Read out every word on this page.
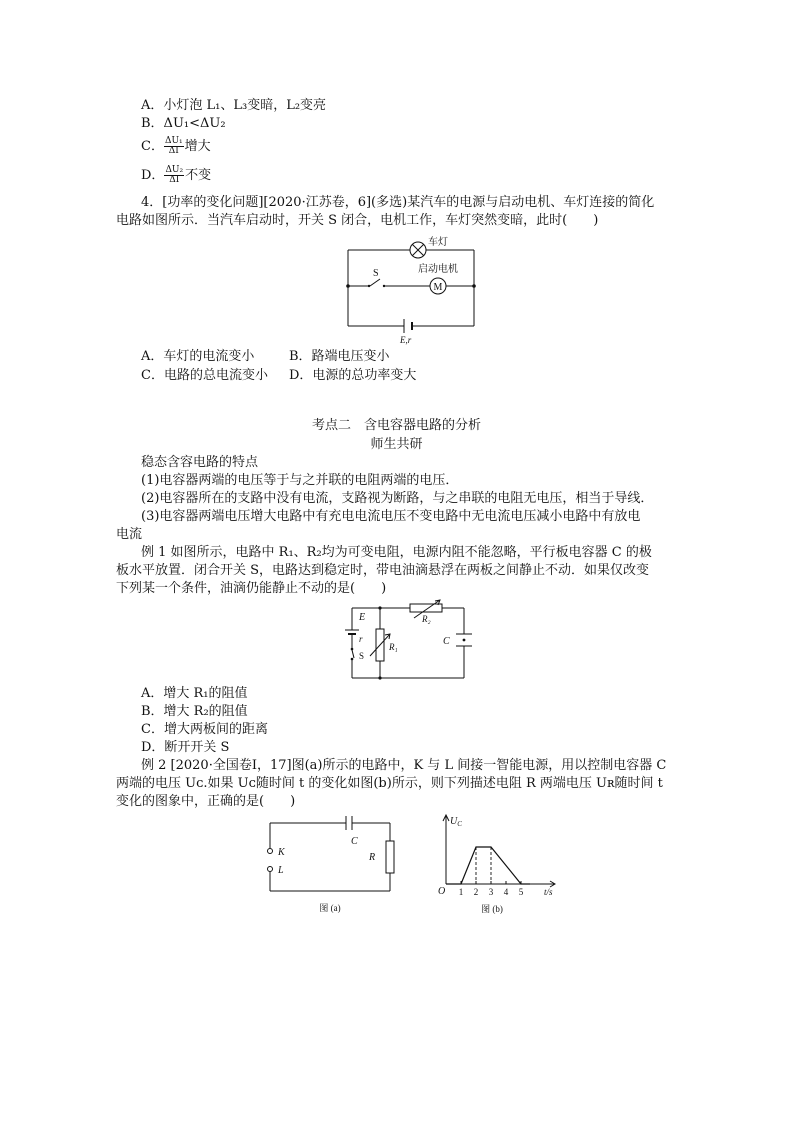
A．小灯泡 L₁、L₃变暗，L₂变亮
B．ΔU₁<ΔU₂
C． $\frac{\text{ΔU₁}}{\Delta I}$ 增大
D． $\frac{\text{ΔU₂}}{\Delta I}$ 不变
4．[功率的变化问题][2020·江苏卷，6](多选)某汽车的电源与启动电机、车灯连接的简化
电路如图所示．当汽车启动时，开关 S 闭合，电机工作，车灯突然变暗，此时(　　)
车灯
启动电机
M
S
E,r
A．车灯的电流变小	B．路端电压变小
C．电路的总电流变小 D．电源的总功率变大
考点二　含电容器电路的分析
师生共研
稳态含容电路的特点
(1)电容器两端的电压等于与之并联的电阻两端的电压．
(2)电容器所在的支路中没有电流，支路视为断路，与之串联的电阻无电压，相当于导线．
(3)电容器两端电压增大电路中有充电电流电压不变电路中无电流电压减小电路中有放电
电流
例 1 如图所示，电路中 R₁、R₂均为可变电阻，电源内阻不能忽略，平行板电容器 C 的极
板水平放置．闭合开关 S，电路达到稳定时，带电油滴悬浮在两板之间静止不动．如果仅改变
下列某一个条件，油滴仍能静止不动的是(　　)
E
r
S
R₁
R₂
C
A．增大 R₁的阻值
B．增大 R₂的阻值
C．增大两板间的距离
D．断开开关 S
例 2 [2020·全国卷Ⅰ，17]图(a)所示的电路中，K 与 L 间接一智能电源，用以控制电容器 C
两端的电压 Uᴄ.如果 Uᴄ随时间 t 的变化如图(b)所示，则下列描述电阻 R 两端电压 Uʀ随时间 t
变化的图象中，正确的是(　　)
K
L
C
R
图 (a)
1 2 3 4 5
$U_C$
O	t/s
图 (b)
